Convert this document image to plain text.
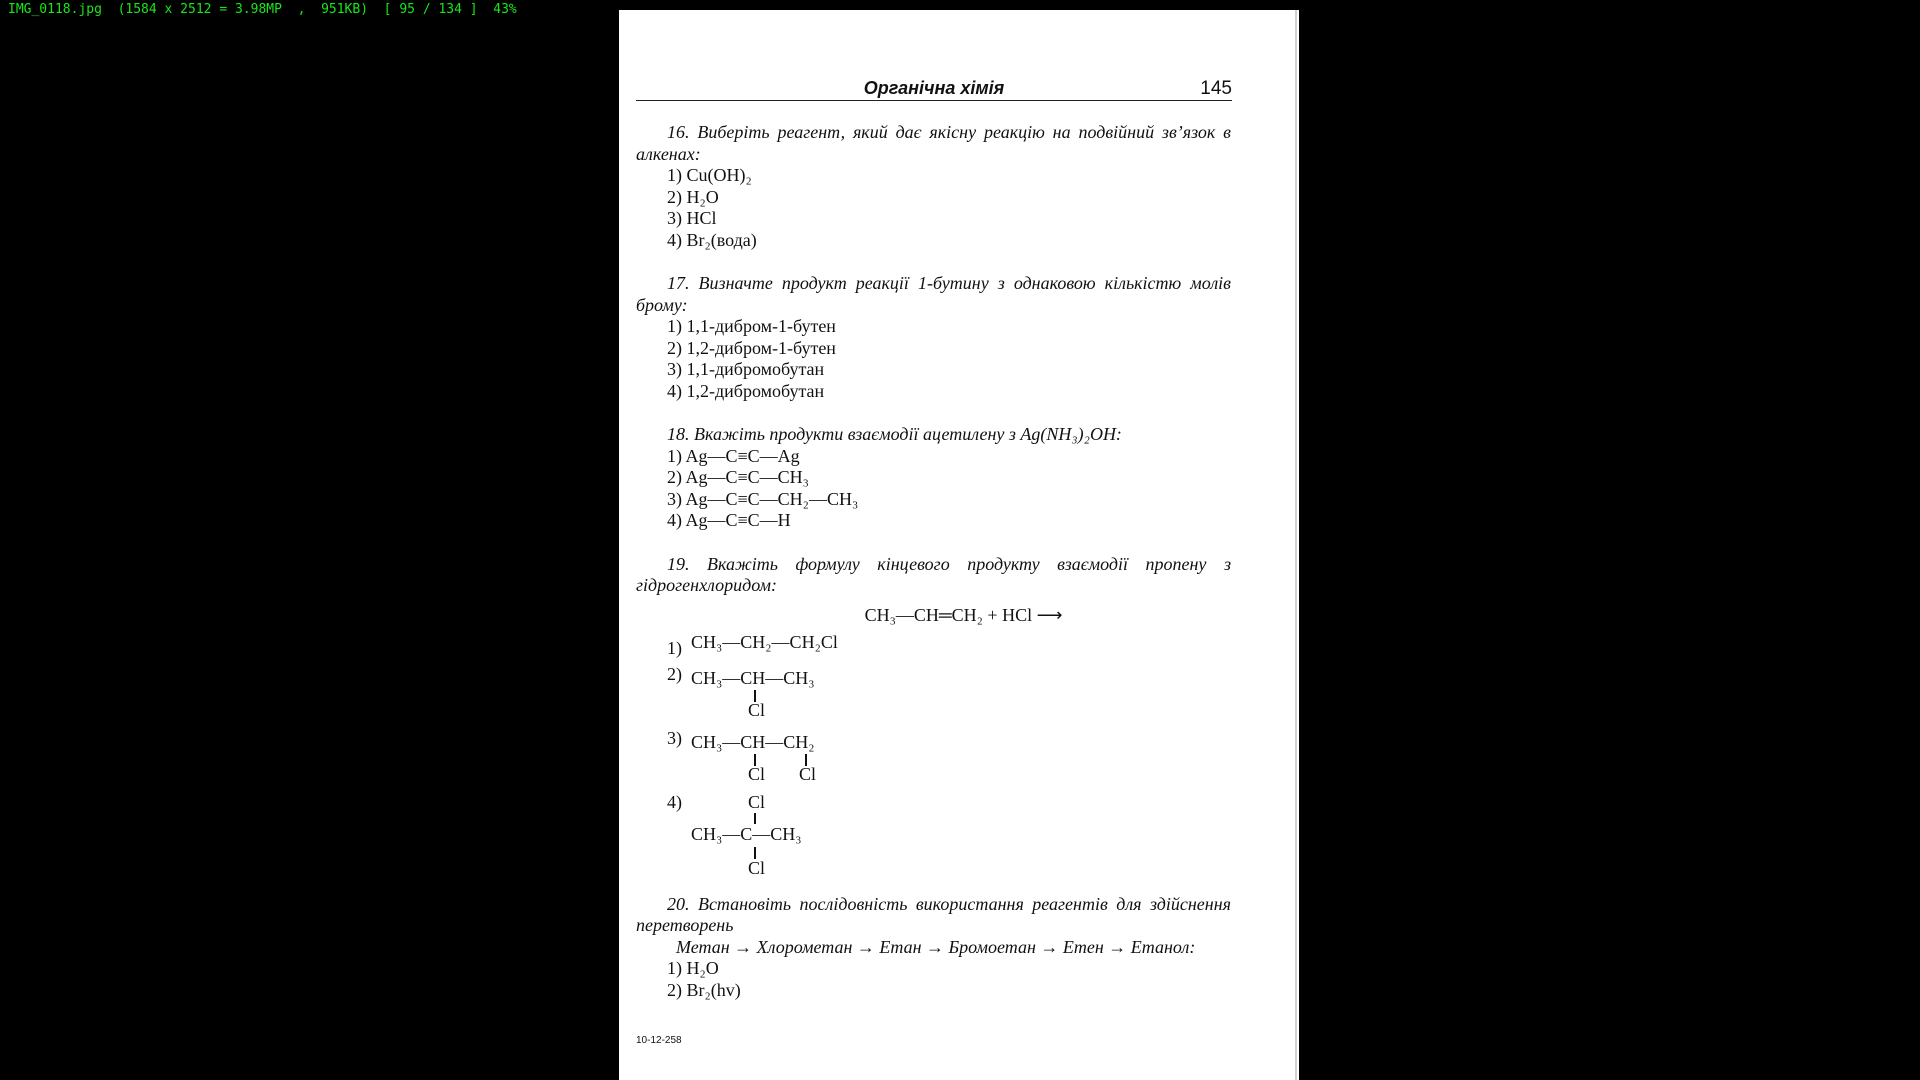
IMG_0118.jpg  (1584 x 2512 = 3.98MP  ,  951KB)  [ 95 / 134 ]  43%
Органічна хімія	145
16. Виберіть реагент, який дає якісну реакцію на подвійний зв’язок в алкенах:
1) Cu(OH)₂
2) H₂O
3) HCl
4) Br₂(вода)
17. Визначте продукт реакції 1-бутину з однаковою кількістю молів брому:
1) 1,1-дибром-1-бутен
2) 1,2-дибром-1-бутен
3) 1,1-дибромобутан
4) 1,2-дибромобутан
18. Вкажіть продукти взаємодії ацетилену з Ag(NH₃)₂OH:
1) Ag—C≡C—Ag
2) Ag—C≡C—CH₃
3) Ag—C≡C—CH₂—CH₃
4) Ag—C≡C—H
19. Вкажіть формулу кінцевого продукту взаємодії пропену з гідрогенхлоридом:
CH₃—CH═CH₂ + HCl ⟶
1) CH₃—CH₂—CH₂Cl
2) CH₃—CH—CH₃
Cl
3) CH₃—CH—CH₂
Cl Cl
4)	Cl
CH₃—C—CH₃
Cl
20. Встановіть послідовність використання реагентів для здійснення перетворень
Метан → Хлорометан → Етан → Бромоетан → Етен → Етанол:
1) H₂O
2) Br₂(hv)
10-12-258
